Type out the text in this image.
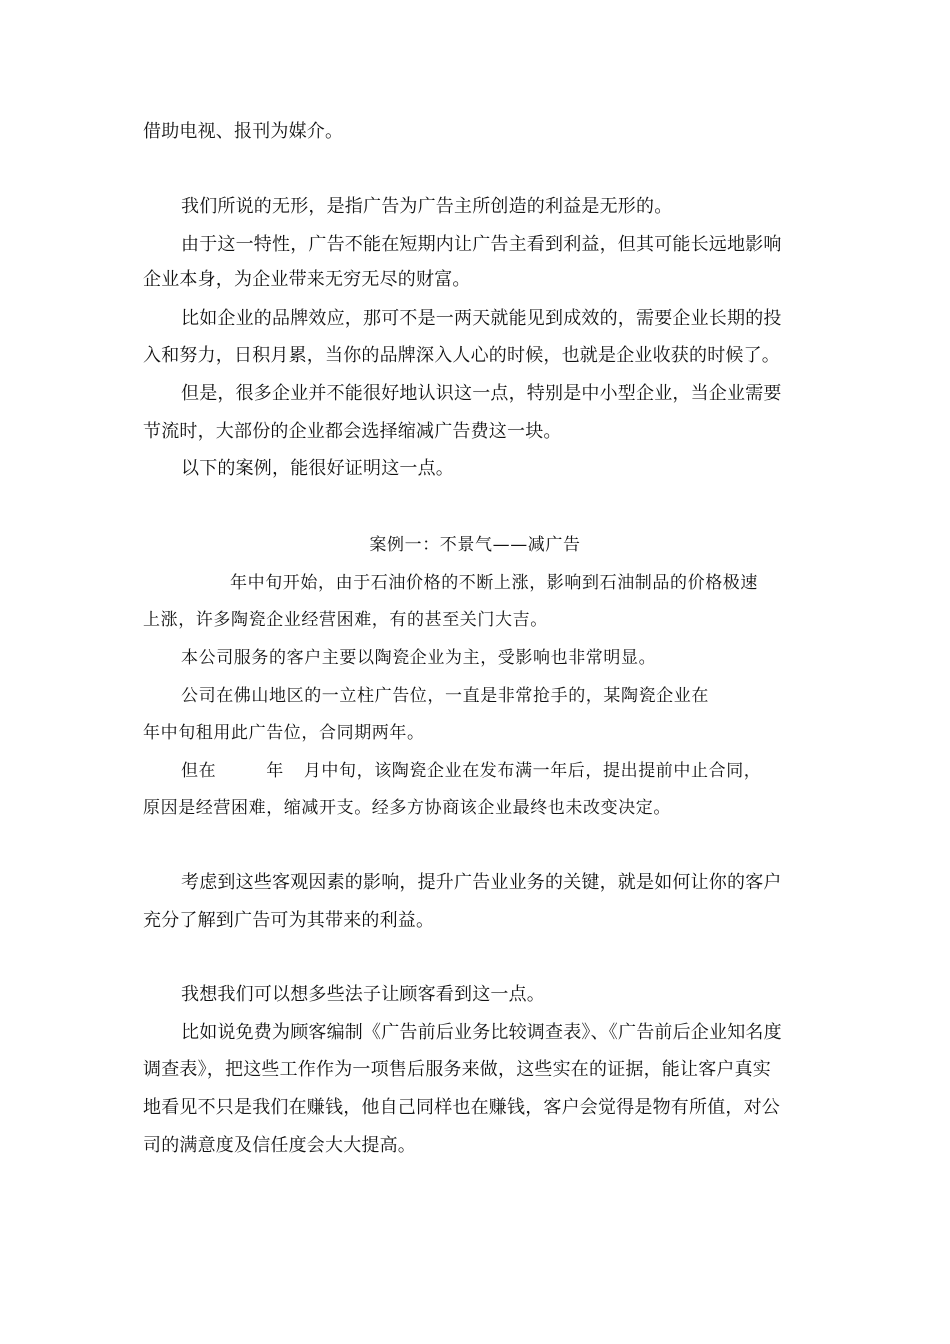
借助电视、报刊为媒介。
我们所说的无形，是指广告为广告主所创造的利益是无形的。
由于这一特性，广告不能在短期内让广告主看到利益，但其可能长远地影响
企业本身，为企业带来无穷无尽的财富。
比如企业的品牌效应，那可不是一两天就能见到成效的，需要企业长期的投
入和努力，日积月累，当你的品牌深入人心的时候，也就是企业收获的时候了。
但是，很多企业并不能很好地认识这一点，特别是中小型企业，当企业需要
节流时，大部份的企业都会选择缩减广告费这一块。
以下的案例，能很好证明这一点。
案例一：不景气——减广告
年中旬开始，由于石油价格的不断上涨，影响到石油制品的价格极速
上涨，许多陶瓷企业经营困难，有的甚至关门大吉。
本公司服务的客户主要以陶瓷企业为主，受影响也非常明显。
公司在佛山地区的一立柱广告位，一直是非常抢手的，某陶瓷企业在
年中旬租用此广告位，合同期两年。
但在	年 月中旬，该陶瓷企业在发布满一年后，提出提前中止合同，
原因是经营困难，缩减开支。经多方协商该企业最终也未改变决定。
考虑到这些客观因素的影响，提升广告业业务的关键，就是如何让你的客户
充分了解到广告可为其带来的利益。
我想我们可以想多些法子让顾客看到这一点。
比如说免费为顾客编制《广告前后业务比较调查表》、《广告前后企业知名度
调查表》，把这些工作作为一项售后服务来做，这些实在的证据，能让客户真实
地看见不只是我们在赚钱，他自己同样也在赚钱，客户会觉得是物有所值，对公
司的满意度及信任度会大大提高。
